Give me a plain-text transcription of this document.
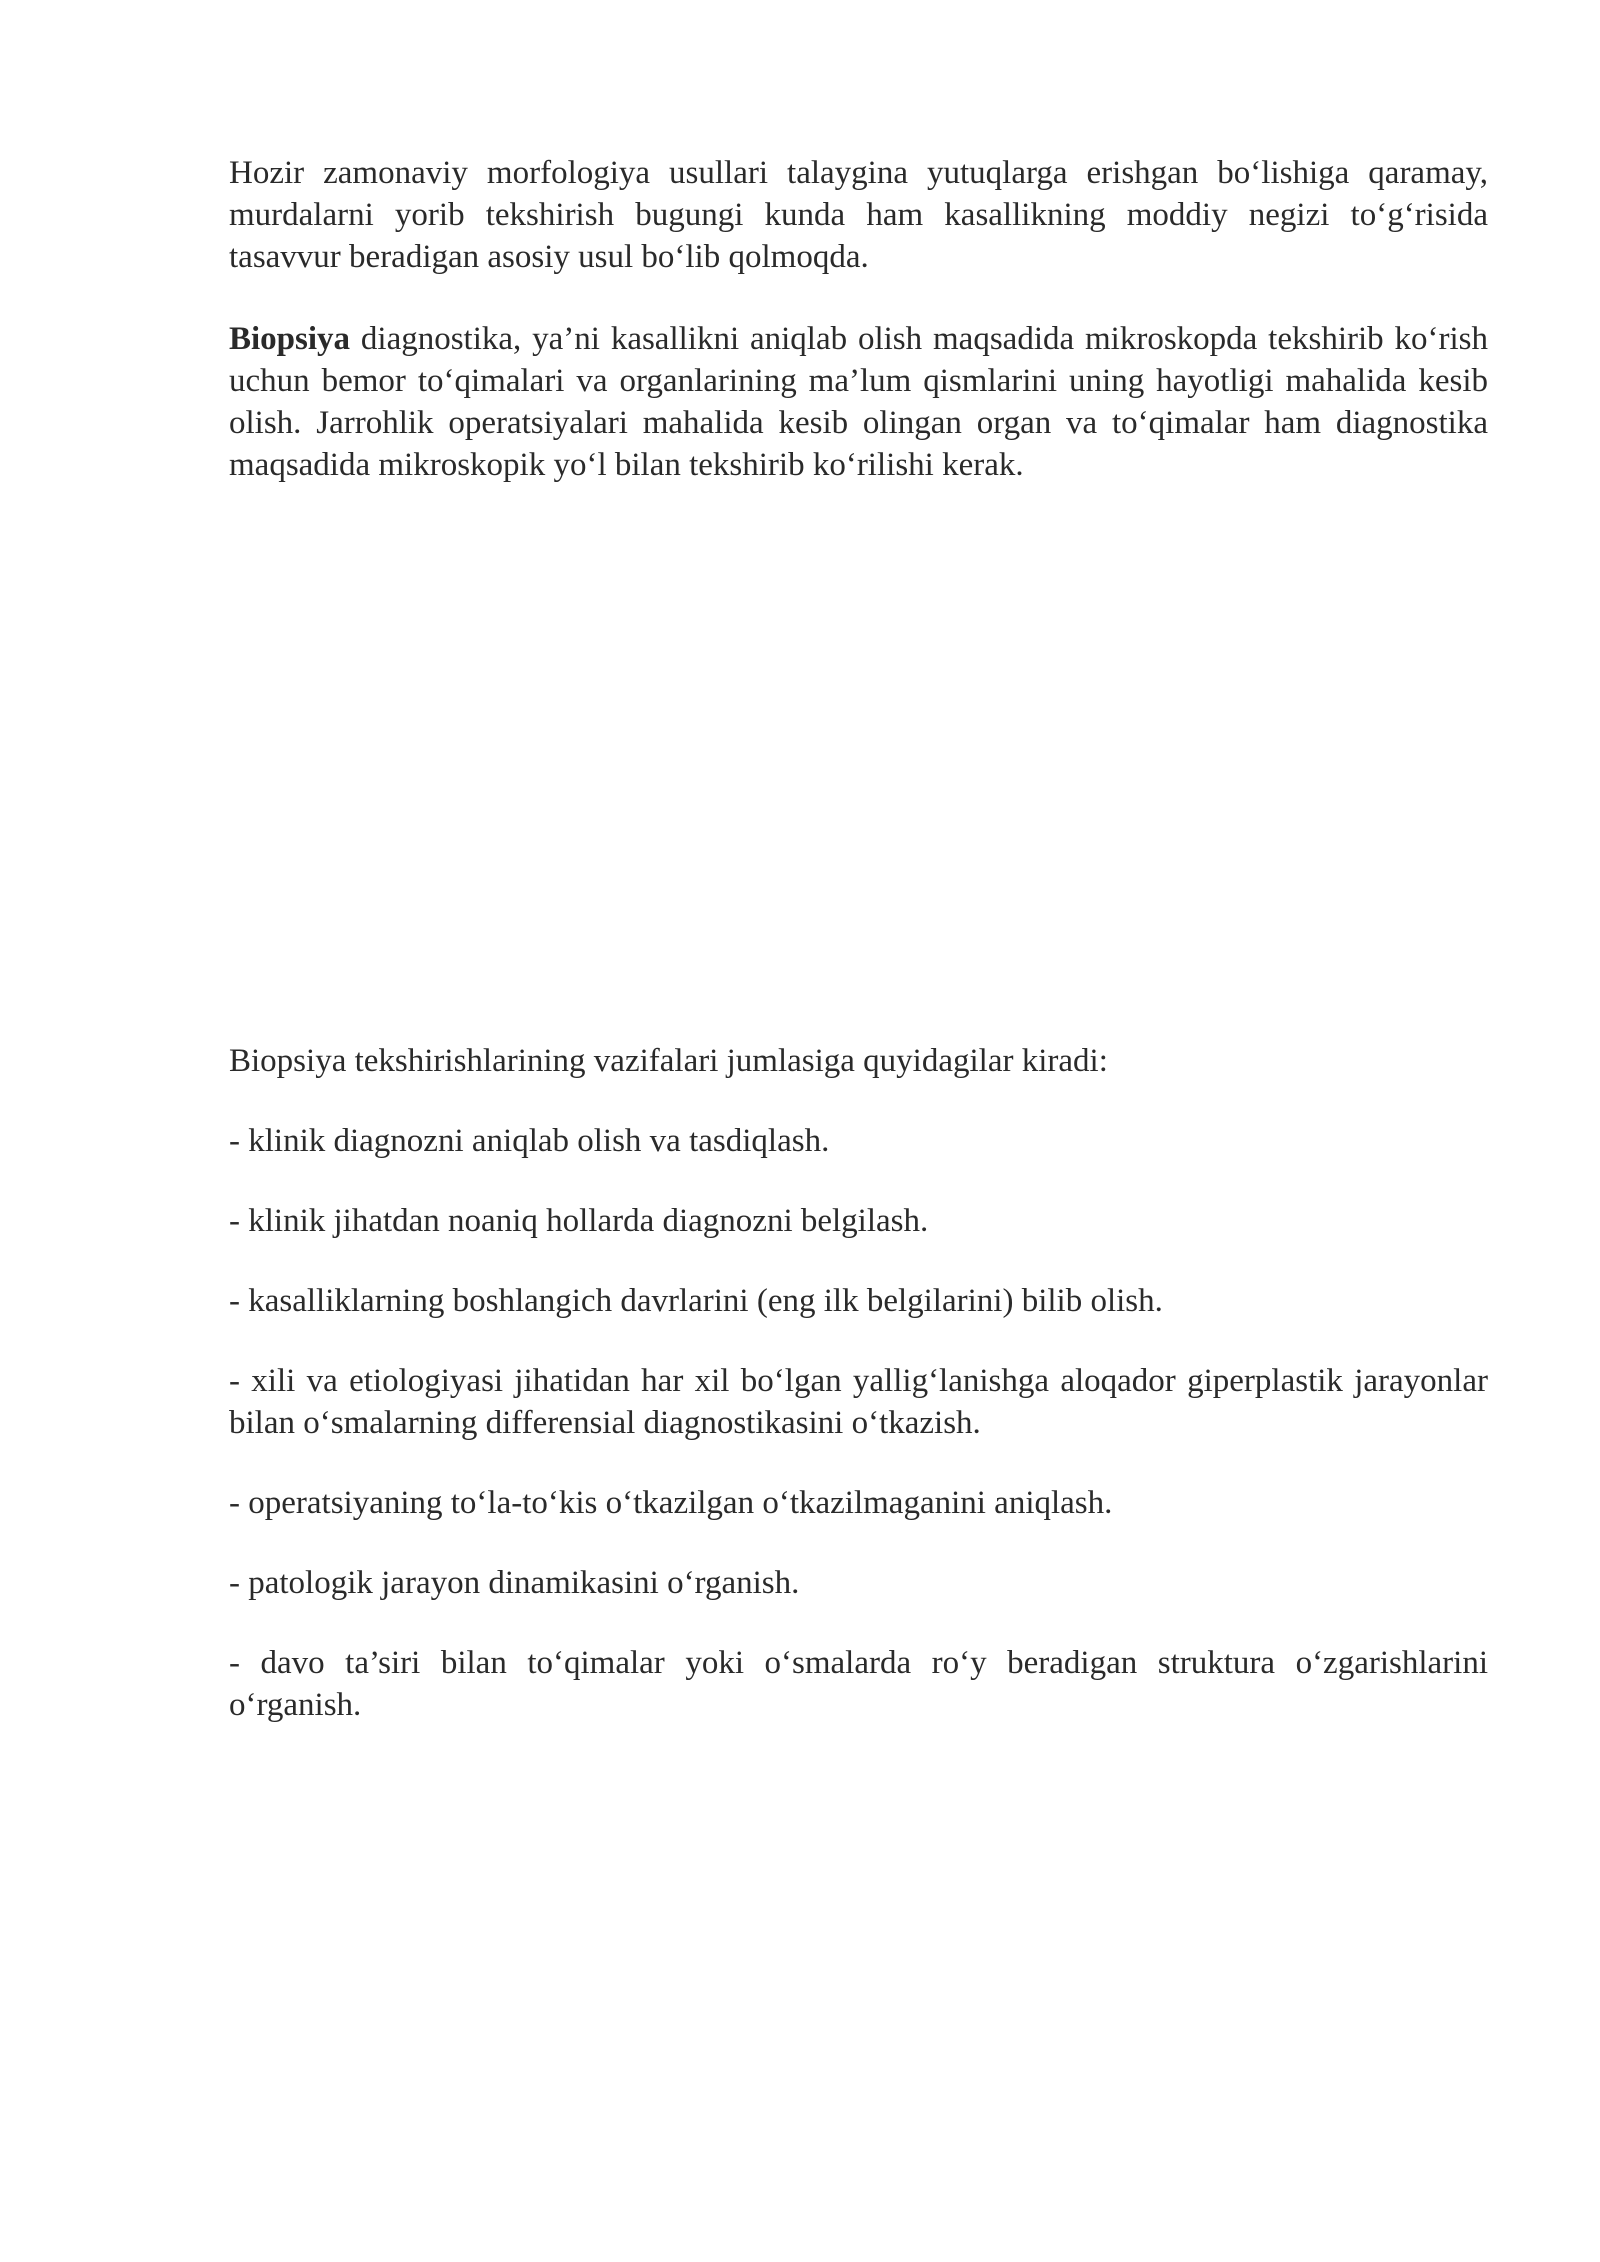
Hozir zamonaviy morfologiya usullari talaygina yutuqlarga erishgan bo‘lishiga qaramay, murdalarni yorib tekshirish bugungi kunda ham kasallikning moddiy negizi to‘g‘risida tasavvur beradigan asosiy usul bo‘lib qolmoqda.

Biopsiya diagnostika, ya’ni kasallikni aniqlab olish maqsadida mikroskopda tekshirib ko‘rish uchun bemor to‘qimalari va organlarining ma’lum qismlarini uning hayotligi mahalida kesib olish. Jarrohlik operatsiyalari mahalida kesib olingan organ va to‘qimalar ham diagnostika maqsadida mikroskopik yo‘l bilan tekshirib ko‘rilishi kerak.

Biopsiya tekshirishlarining vazifalari jumlasiga quyidagilar kiradi:

- klinik diagnozni aniqlab olish va tasdiqlash.

- klinik jihatdan noaniq hollarda diagnozni belgilash.

- kasalliklarning boshlangich davrlarini (eng ilk belgilarini) bilib olish.

- xili va etiologiyasi jihatidan har xil bo‘lgan yallig‘lanishga aloqador giperplastik jarayonlar bilan o‘smalarning differensial diagnostikasini o‘tkazish.

- operatsiyaning to‘la-to‘kis o‘tkazilgan o‘tkazilmaganini aniqlash.

- patologik jarayon dinamikasini o‘rganish.

- davo ta’siri bilan to‘qimalar yoki o‘smalarda ro‘y beradigan struktura o‘zgarishlarini o‘rganish.
